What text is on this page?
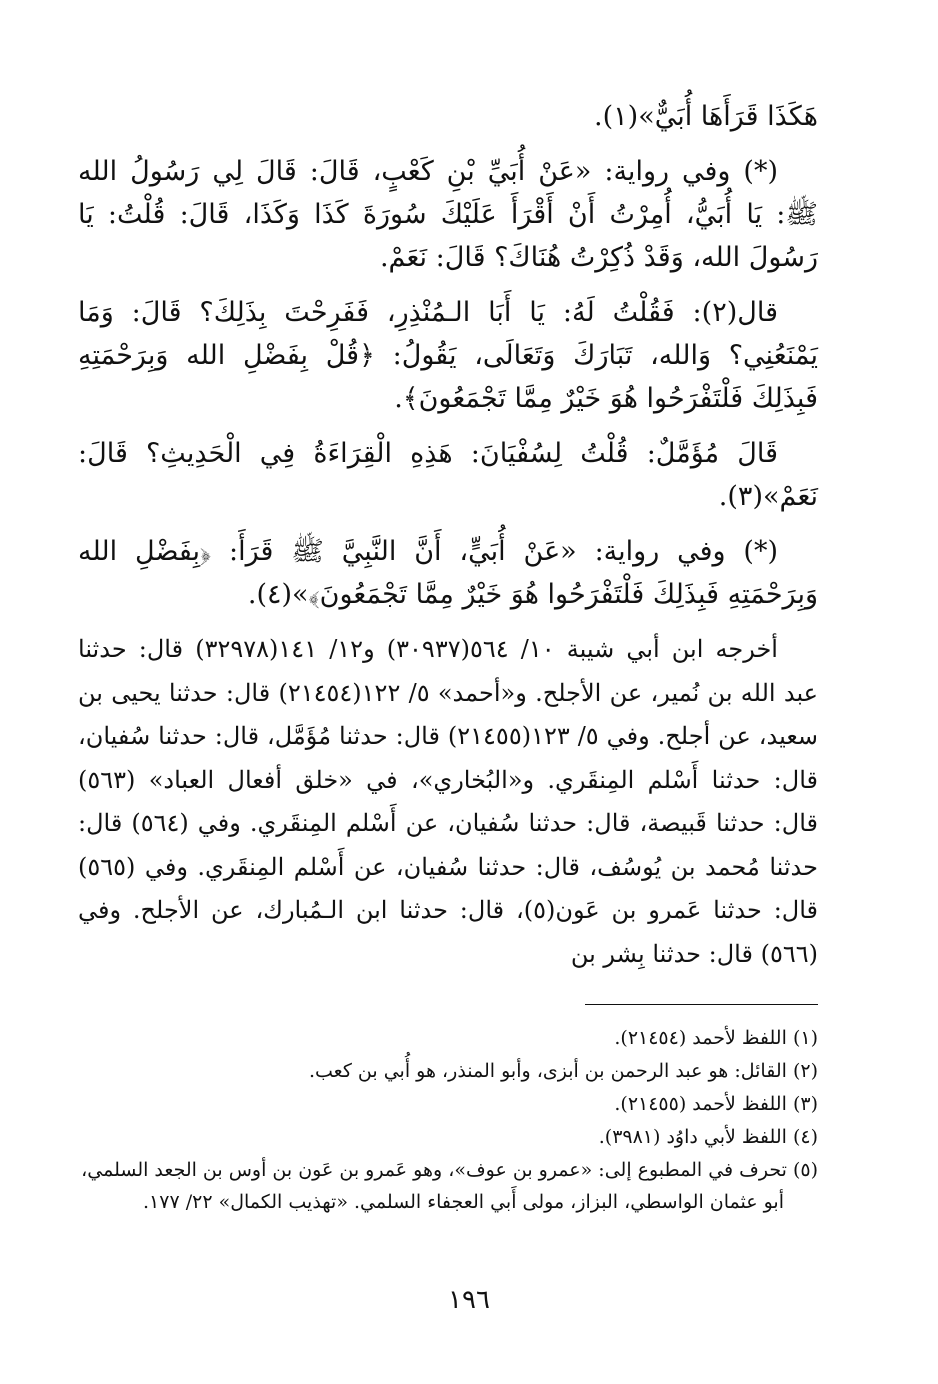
هَكَذَا قَرَأَهَا أُبَيٌّ»(١).

(*) وفي رواية: «عَنْ أُبَيِّ بْنِ كَعْبٍ، قَالَ: قَالَ لِي رَسُولُ الله ﷺ: يَا أُبَيُّ، أُمِرْتُ أَنْ أَقْرَأَ عَلَيْكَ سُورَةَ كَذَا وَكَذَا، قَالَ: قُلْتُ: يَا رَسُولَ الله، وَقَدْ ذُكِرْتُ هُنَاكَ؟ قَالَ: نَعَمْ.

قال(٢): فَقُلْتُ لَهُ: يَا أَبَا الـمُنْذِرِ، فَفَرِحْتَ بِذَلِكَ؟ قَالَ: وَمَا يَمْنَعُنِي؟ وَالله، تَبَارَكَ وَتَعَالَى، يَقُولُ: ﴿قُلْ بِفَضْلِ الله وَبِرَحْمَتِهِ فَبِذَلِكَ فَلْتَفْرَحُوا هُوَ خَيْرٌ مِمَّا تَجْمَعُونَ﴾.

قَالَ مُؤَمَّلٌ: قُلْتُ لِسُفْيَانَ: هَذِهِ الْقِرَاءَةُ فِي الْحَدِيثِ؟ قَالَ: نَعَمْ»(٣).

(*) وفي رواية: «عَنْ أُبَيٍّ، أَنَّ النَّبِيَّ ﷺ قَرَأَ: ﴿بِفَضْلِ الله وَبِرَحْمَتِهِ فَبِذَلِكَ فَلْتَفْرَحُوا هُوَ خَيْرٌ مِمَّا تَجْمَعُونَ﴾»(٤).

أخرجه ابن أبي شيبة ١٠/ ٥٦٤(٣٠٩٣٧) و١٢/ ١٤١(٣٢٩٧٨) قال: حدثنا عبد الله بن نُمير، عن الأجلح. و«أحمد» ٥/ ١٢٢(٢١٤٥٤) قال: حدثنا يحيى بن سعيد، عن أجلح. وفي ٥/ ١٢٣(٢١٤٥٥) قال: حدثنا مُؤَمَّل، قال: حدثنا سُفيان، قال: حدثنا أَسْلم المِنقَري. و«البُخاري»، في «خلق أفعال العباد» (٥٦٣) قال: حدثنا قَبيصة، قال: حدثنا سُفيان، عن أَسْلم المِنقَري. وفي (٥٦٤) قال: حدثنا مُحمد بن يُوسُف، قال: حدثنا سُفيان، عن أَسْلم المِنقَري. وفي (٥٦٥) قال: حدثنا عَمرو بن عَون(٥)، قال: حدثنا ابن الـمُبارك، عن الأجلح. وفي (٥٦٦) قال: حدثنا بِشر بن
(١) اللفظ لأحمد (٢١٤٥٤).
(٢) القائل: هو عبد الرحمن بن أبزى، وأبو المنذر، هو أُبي بن كعب.
(٣) اللفظ لأحمد (٢١٤٥٥).
(٤) اللفظ لأبي داوُد (٣٩٨١).
(٥) تحرف في المطبوع إلى: «عمرو بن عوف»، وهو عَمرو بن عَون بن أوس بن الجعد السلمي،
أبو عثمان الواسطي، البزاز، مولى أَبي العجفاء السلمي. «تهذيب الكمال» ٢٢/ ١٧٧.
١٩٦
